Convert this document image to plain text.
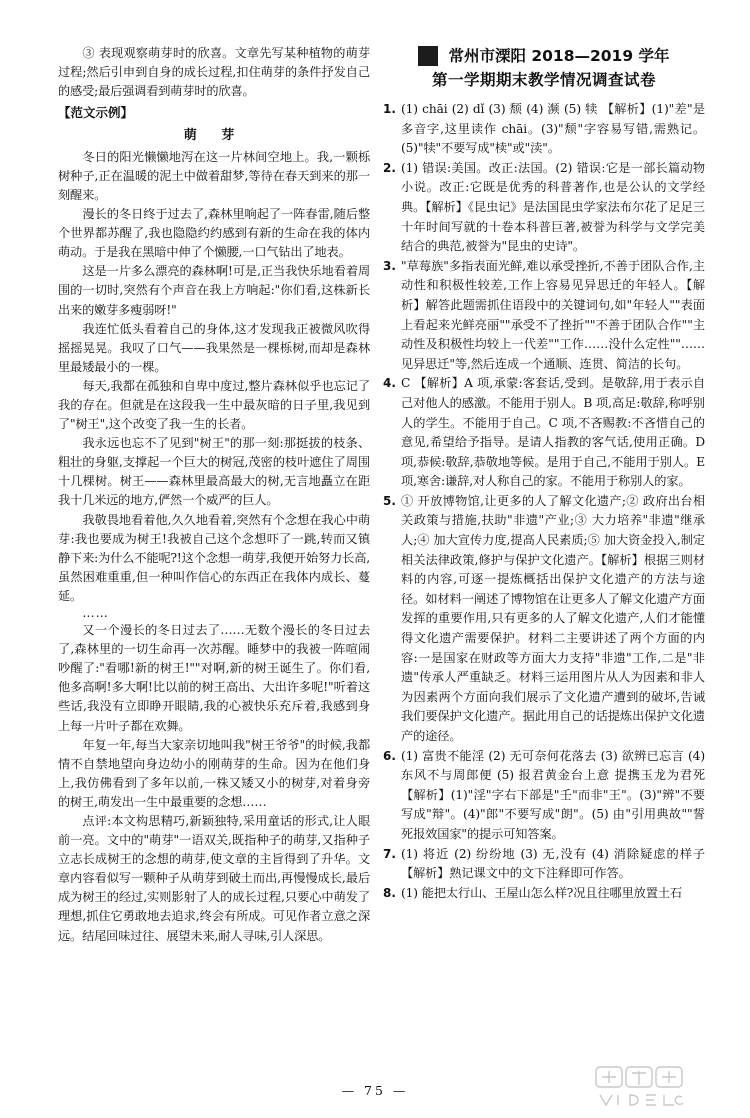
③ 表现观察萌芽时的欣喜。文章先写某种植物的萌芽过程;然后引申到自身的成长过程,扣住萌芽的条件抒发自己的感受;最后强调看到萌芽时的欣喜。

【范文示例】

萌 芽

冬日的阳光懒懒地泻在这一片林间空地上。我,一颗栎树种子,正在温暖的泥土中做着甜梦,等待在春天到来的那一刻醒来。

漫长的冬日终于过去了,森林里响起了一阵春雷,随后整个世界都苏醒了,我也隐隐约约感到有新的生命在我的体内萌动。于是我在黑暗中伸了个懒腰,一口气钻出了地表。

这是一片多么漂亮的森林啊!可是,正当我快乐地看着周围的一切时,突然有个声音在我上方响起:"你们看,这株新长出来的嫩芽多瘦弱呀!"

我连忙低头看着自己的身体,这才发现我正被微风吹得摇摇晃晃。我叹了口气——我果然是一棵栎树,而却是森林里最矮最小的一棵。

每天,我都在孤独和自卑中度过,整片森林似乎也忘记了我的存在。但就是在这段我一生中最灰暗的日子里,我见到了"树王",这个改变了我一生的长者。

我永远也忘不了见到"树王"的那一刻:那挺拔的枝条、粗壮的身躯,支撑起一个巨大的树冠,茂密的枝叶遮住了周围十几棵树。树王——森林里最高最大的树,无言地矗立在距我十几米远的地方,俨然一个威严的巨人。

我敬畏地看着他,久久地看着,突然有个念想在我心中萌芽:我也要成为树王!我被自己这个念想吓了一跳,转而又镇静下来:为什么不能呢?!这个念想一萌芽,我便开始努力长高,虽然困难重重,但一种叫作信心的东西正在我体内成长、蔓延。

……

又一个漫长的冬日过去了……无数个漫长的冬日过去了,森林里的一切生命再一次苏醒。睡梦中的我被一阵喧闹吵醒了:"看哪!新的树王!""对啊,新的树王诞生了。你们看,他多高啊!多大啊!比以前的树王高出、大出许多呢!"听着这些话,我没有立即睁开眼睛,我的心被快乐充斥着,我感到身上每一片叶子都在欢舞。

年复一年,每当大家亲切地叫我"树王爷爷"的时候,我都情不自禁地望向身边幼小的刚萌芽的生命。因为在他们身上,我仿佛看到了多年以前,一株又矮又小的树芽,对着身旁的树王,萌发出一生中最重要的念想……

点评:本文构思精巧,新颖独特,采用童话的形式,让人眼前一亮。文中的"萌芽"一语双关,既指种子的萌芽,又指种子立志长成树王的念想的萌芽,使文章的主旨得到了升华。文章内容看似写一颗种子从萌芽到破土而出,再慢慢成长,最后成为树王的经过,实则影射了人的成长过程,只要心中萌发了理想,抓住它勇敢地去追求,终会有所成。可见作者立意之深远。结尾回味过往、展望未来,耐人寻味,引人深思。

常州市溧阳 2018—2019 学年
第一学期期末教学情况调查试卷
1. (1) chāi (2) dǐ (3) 颓 (4) 濒 (5) 犊 【解析】(1)"差"是多音字,这里读作 chāi。(3)"颓"字容易写错,需熟记。(5)"犊"不要写成"椟"或"渎"。
2. (1) 错误:美国。改正:法国。(2) 错误:它是一部长篇动物小说。改正:它既是优秀的科普著作,也是公认的文学经典。【解析】《昆虫记》是法国昆虫学家法布尔花了足足三十年时间写就的十卷本科普巨著,被誉为科学与文学完美结合的典范,被誉为"昆虫的史诗"。
3. "草莓族"多指表面光鲜,难以承受挫折,不善于团队合作,主动性和积极性较差,工作上容易见异思迁的年轻人。【解析】解答此题需抓住语段中的关键词句,如"年轻人""表面上看起来光鲜亮丽""承受不了挫折""不善于团队合作""主动性及积极性均较上一代差""工作……没什么定性""……见异思迁"等,然后连成一个通顺、连贯、简洁的长句。
4. C 【解析】A 项,承蒙:客套话,受到。是敬辞,用于表示自己对他人的感激。不能用于别人。B 项,高足:敬辞,称呼别人的学生。不能用于自己。C 项,不吝赐教:不吝惜自己的意见,希望给予指导。是请人指教的客气话,使用正确。D 项,恭候:敬辞,恭敬地等候。是用于自己,不能用于别人。E 项,寒舍:谦辞,对人称自己的家。不能用于称别人的家。
5. ① 开放博物馆,让更多的人了解文化遗产;② 政府出台相关政策与措施,扶助"非遗"产业;③ 大力培养"非遗"继承人;④ 加大宣传力度,提高人民素质;⑤ 加大资金投入,制定相关法律政策,修护与保护文化遗产。【解析】根据三则材料的内容,可逐一提炼概括出保护文化遗产的方法与途径。如材料一阐述了博物馆在让更多人了解文化遗产方面发挥的重要作用,只有更多的人了解文化遗产,人们才能懂得文化遗产需要保护。材料二主要讲述了两个方面的内容:一是国家在财政等方面大力支持"非遗"工作,二是"非遗"传承人严重缺乏。材料三运用图片从人为因素和非人为因素两个方面向我们展示了文化遗产遭到的破坏,告诫我们要保护文化遗产。据此用自己的话提炼出保护文化遗产的途径。
6. (1) 富贵不能淫 (2) 无可奈何花落去 (3) 欲辨已忘言 (4) 东风不与周郎便 (5) 报君黄金台上意 提携玉龙为君死 【解析】(1)"淫"字右下部是"壬"而非"王"。(3)"辨"不要写成"辩"。(4)"郎"不要写成"朗"。(5) 由"引用典故""誓死报效国家"的提示可知答案。
7. (1) 将近 (2) 纷纷地 (3) 无,没有 (4) 消除疑虑的样子 【解析】熟记课文中的文下注释即可作答。
8. (1) 能把太行山、王屋山怎么样?况且往哪里放置土石
— 75 —
